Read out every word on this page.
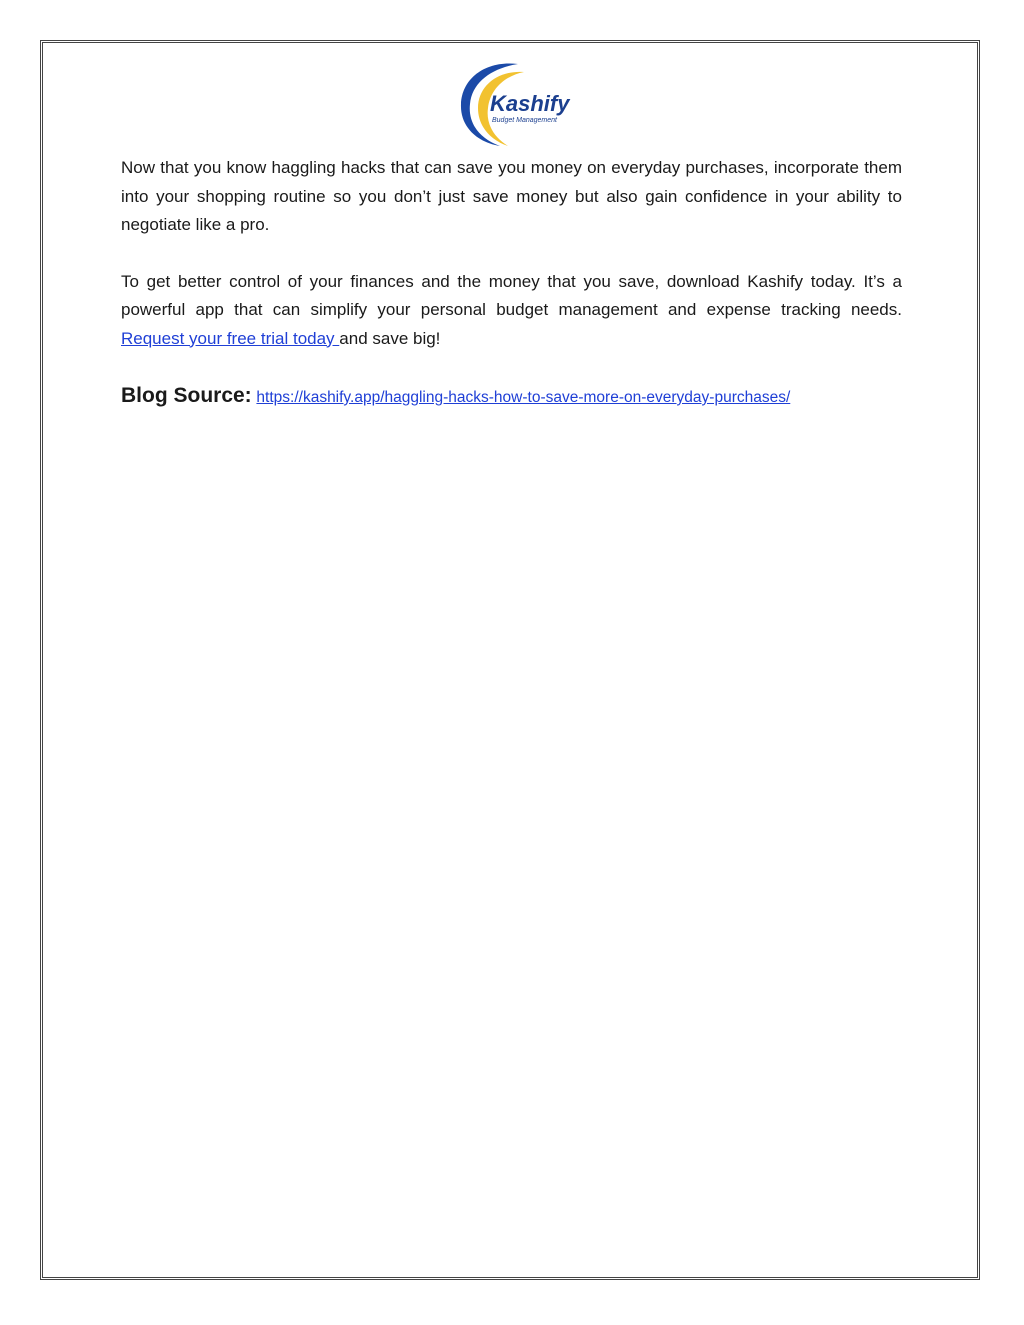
Kashify
Budget Management

Now that you know haggling hacks that can save you money on everyday purchases, incorporate them into your shopping routine so you don’t just save money but also gain confidence in your ability to negotiate like a pro.

To get better control of your finances and the money that you save, download Kashify today. It’s a powerful app that can simplify your personal budget management and expense tracking needs. Request your free trial today and save big!

Blog Source: https://kashify.app/haggling-hacks-how-to-save-more-on-everyday-purchases/
